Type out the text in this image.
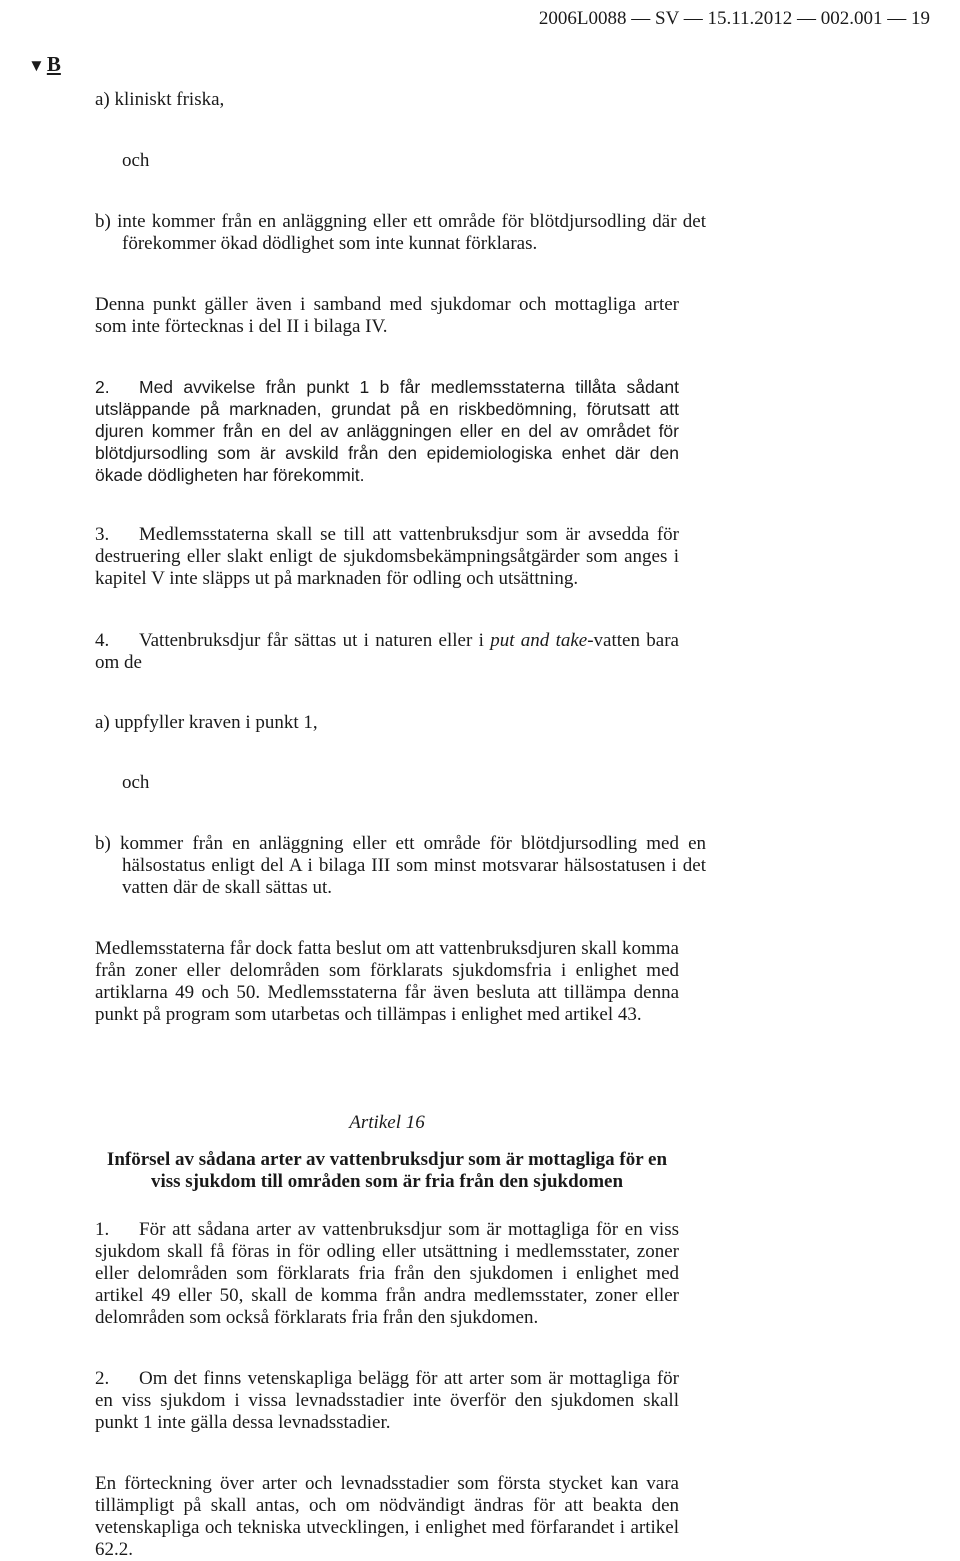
2006L0088 — SV — 15.11.2012 — 002.001 — 19
▼B

a) kliniskt friska,

och

b) inte kommer från en anläggning eller ett område för blötdjursodling där det förekommer ökad dödlighet som inte kunnat förklaras.

Denna punkt gäller även i samband med sjukdomar och mottagliga arter som inte förtecknas i del II i bilaga IV.

2. Med avvikelse från punkt 1 b får medlemsstaterna tillåta sådant utsläppande på marknaden, grundat på en riskbedömning, förutsatt att djuren kommer från en del av anläggningen eller en del av området för blötdjursodling som är avskild från den epidemiologiska enhet där den ökade dödligheten har förekommit.

3. Medlemsstaterna skall se till att vattenbruksdjur som är avsedda för destruering eller slakt enligt de sjukdomsbekämpningsåtgärder som anges i kapitel V inte släpps ut på marknaden för odling och utsättning.

4. Vattenbruksdjur får sättas ut i naturen eller i put and take-vatten bara om de

a) uppfyller kraven i punkt 1,

och

b) kommer från en anläggning eller ett område för blötdjursodling med en hälsostatus enligt del A i bilaga III som minst motsvarar hälsostatusen i det vatten där de skall sättas ut.

Medlemsstaterna får dock fatta beslut om att vattenbruksdjuren skall komma från zoner eller delområden som förklarats sjukdomsfria i enlighet med artiklarna 49 och 50. Medlemsstaterna får även besluta att tillämpa denna punkt på program som utarbetas och tillämpas i enlighet med artikel 43.

Artikel 16

Införsel av sådana arter av vattenbruksdjur som är mottagliga för en viss sjukdom till områden som är fria från den sjukdomen

1. För att sådana arter av vattenbruksdjur som är mottagliga för en viss sjukdom skall få föras in för odling eller utsättning i medlemsstater, zoner eller delområden som förklarats fria från den sjukdomen i enlighet med artikel 49 eller 50, skall de komma från andra medlemsstater, zoner eller delområden som också förklarats fria från den sjukdomen.

2. Om det finns vetenskapliga belägg för att arter som är mottagliga för en viss sjukdom i vissa levnadsstadier inte överför den sjukdomen skall punkt 1 inte gälla dessa levnadsstadier.

En förteckning över arter och levnadsstadier som första stycket kan vara tillämpligt på skall antas, och om nödvändigt ändras för att beakta den vetenskapliga och tekniska utvecklingen, i enlighet med förfarandet i artikel 62.2.
